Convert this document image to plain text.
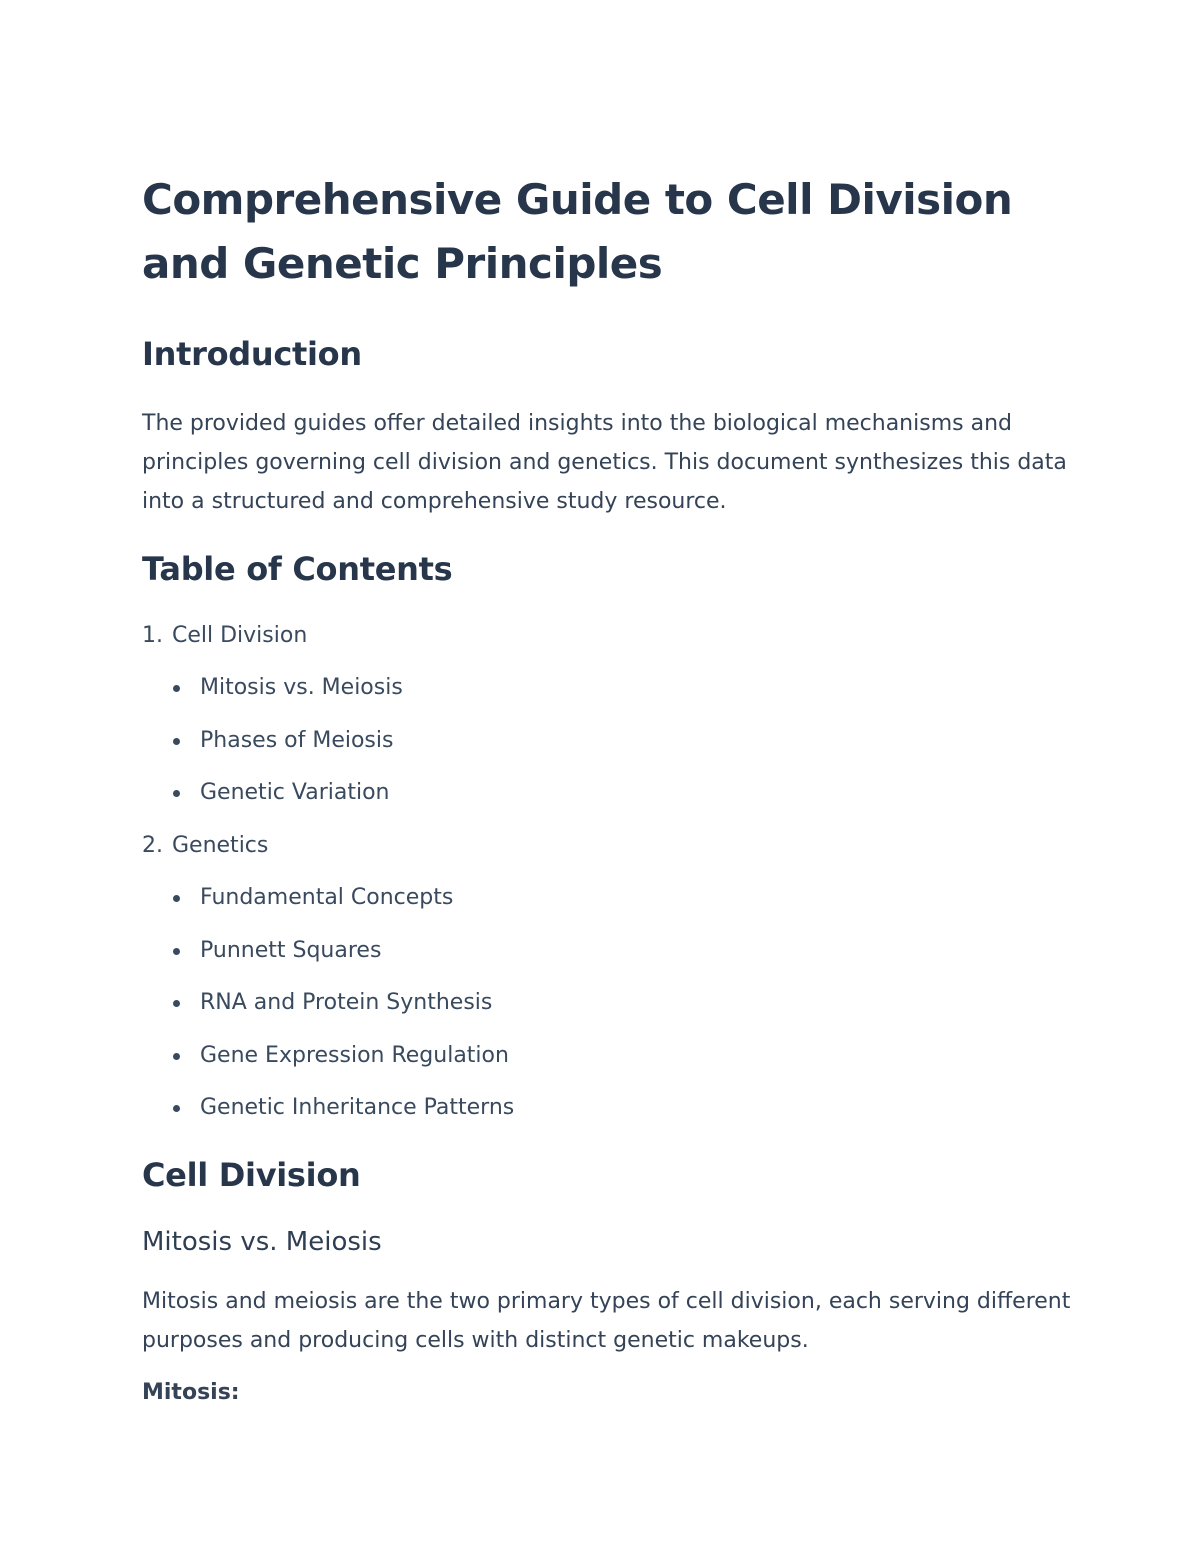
Comprehensive Guide to Cell Division and Genetic Principles
Introduction

The provided guides offer detailed insights into the biological mechanisms and principles governing cell division and genetics. This document synthesizes this data into a structured and comprehensive study resource.

Table of Contents
1. Cell Division
Mitosis vs. Meiosis
Phases of Meiosis
Genetic Variation
2. Genetics
Fundamental Concepts
Punnett Squares
RNA and Protein Synthesis
Gene Expression Regulation
Genetic Inheritance Patterns
Cell Division
Mitosis vs. Meiosis

Mitosis and meiosis are the two primary types of cell division, each serving different purposes and producing cells with distinct genetic makeups.

Mitosis:
